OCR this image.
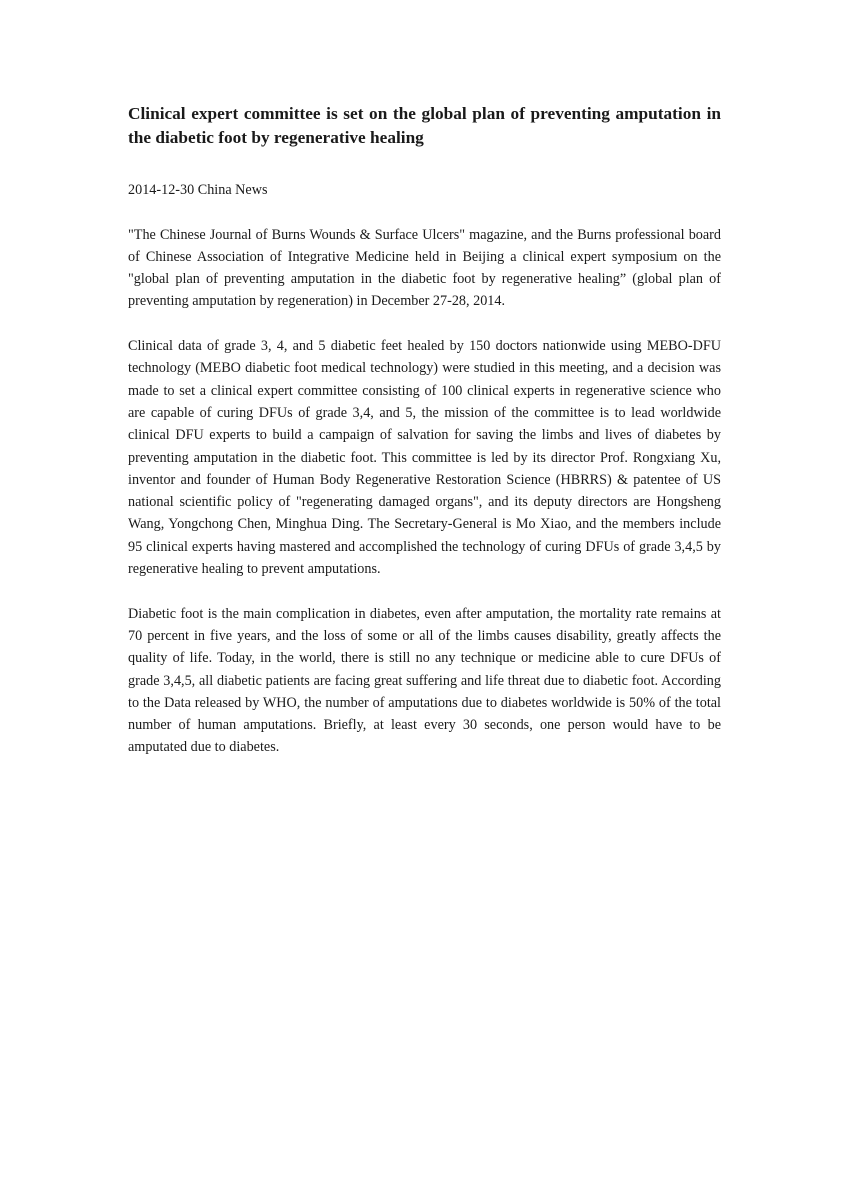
Clinical expert committee is set on the global plan of preventing amputation in the diabetic foot by regenerative healing

2014-12-30 China News

"The Chinese Journal of Burns Wounds & Surface Ulcers" magazine, and the Burns professional board of Chinese Association of Integrative Medicine held in Beijing a clinical expert symposium on the "global plan of preventing amputation in the diabetic foot by regenerative healing” (global plan of preventing amputation by regeneration) in December 27-28, 2014.

Clinical data of grade 3, 4, and 5 diabetic feet healed by 150 doctors nationwide using MEBO-DFU technology (MEBO diabetic foot medical technology) were studied in this meeting, and a decision was made to set a clinical expert committee consisting of 100 clinical experts in regenerative science who are capable of curing DFUs of grade 3,4, and 5, the mission of the committee is to lead worldwide clinical DFU experts to build a campaign of salvation for saving the limbs and lives of diabetes by preventing amputation in the diabetic foot. This committee is led by its director Prof. Rongxiang Xu, inventor and founder of Human Body Regenerative Restoration Science (HBRRS) & patentee of US national scientific policy of "regenerating damaged organs", and its deputy directors are Hongsheng Wang, Yongchong Chen, Minghua Ding. The Secretary-General is Mo Xiao, and the members include 95 clinical experts having mastered and accomplished the technology of curing DFUs of grade 3,4,5 by regenerative healing to prevent amputations.

Diabetic foot is the main complication in diabetes, even after amputation, the mortality rate remains at 70 percent in five years, and the loss of some or all of the limbs causes disability, greatly affects the quality of life. Today, in the world, there is still no any technique or medicine able to cure DFUs of grade 3,4,5, all diabetic patients are facing great suffering and life threat due to diabetic foot. According to the Data released by WHO, the number of amputations due to diabetes worldwide is 50% of the total number of human amputations. Briefly, at least every 30 seconds, one person would have to be amputated due to diabetes.
